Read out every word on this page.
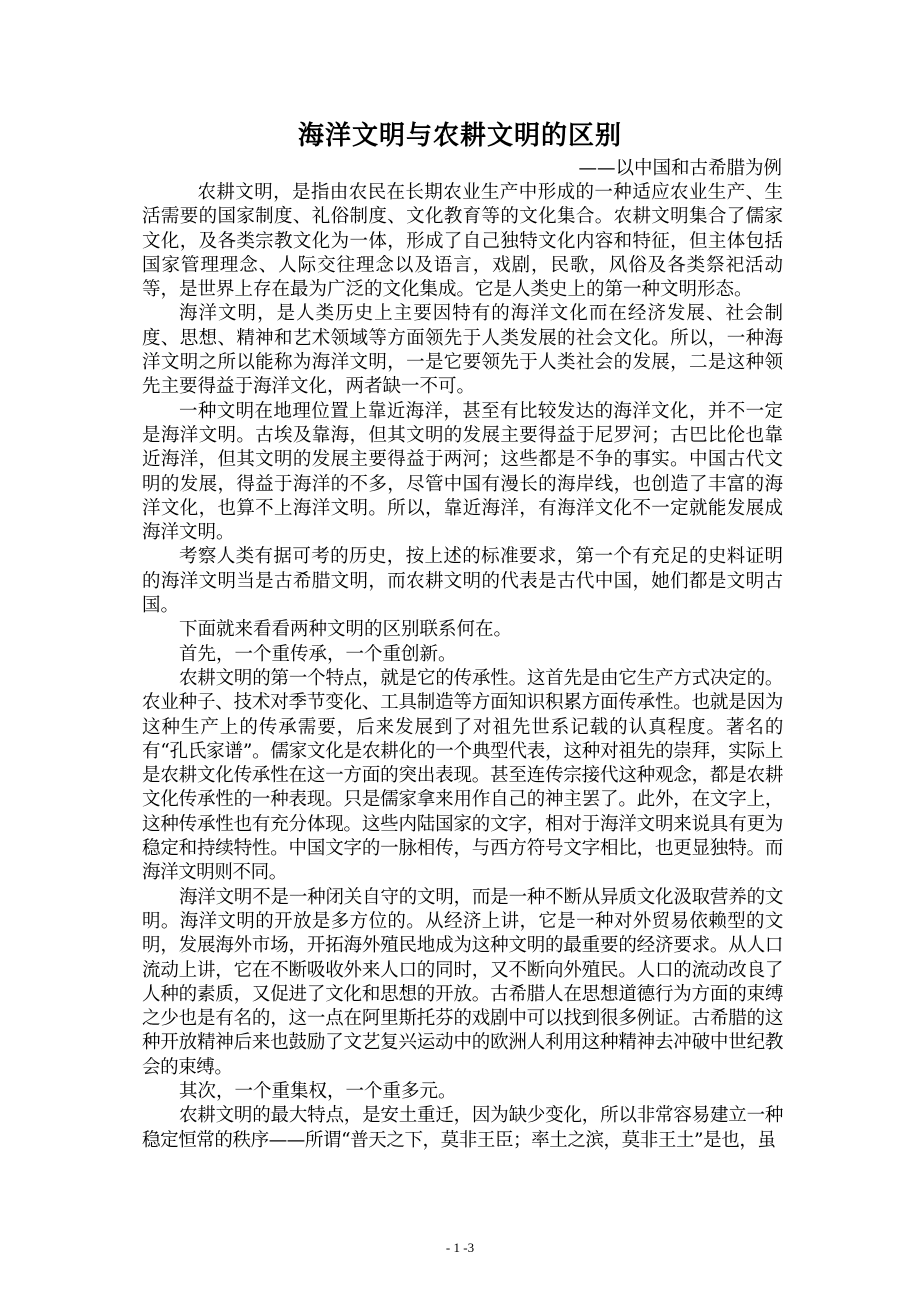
海洋文明与农耕文明的区别
——以中国和古希腊为例

农耕文明，是指由农民在长期农业生产中形成的一种适应农业生产、生活需要的国家制度、礼俗制度、文化教育等的文化集合。农耕文明集合了儒家文化，及各类宗教文化为一体，形成了自己独特文化内容和特征，但主体包括国家管理理念、人际交往理念以及语言，戏剧，民歌，风俗及各类祭祀活动等，是世界上存在最为广泛的文化集成。它是人类史上的第一种文明形态。

海洋文明，是人类历史上主要因特有的海洋文化而在经济发展、社会制度、思想、精神和艺术领域等方面领先于人类发展的社会文化。所以，一种海洋文明之所以能称为海洋文明，一是它要领先于人类社会的发展，二是这种领先主要得益于海洋文化，两者缺一不可。

一种文明在地理位置上靠近海洋，甚至有比较发达的海洋文化，并不一定是海洋文明。古埃及靠海，但其文明的发展主要得益于尼罗河；古巴比伦也靠近海洋，但其文明的发展主要得益于两河；这些都是不争的事实。中国古代文明的发展，得益于海洋的不多，尽管中国有漫长的海岸线，也创造了丰富的海洋文化，也算不上海洋文明。所以，靠近海洋，有海洋文化不一定就能发展成海洋文明。

考察人类有据可考的历史，按上述的标准要求，第一个有充足的史料证明的海洋文明当是古希腊文明，而农耕文明的代表是古代中国，她们都是文明古国。

下面就来看看两种文明的区别联系何在。

首先，一个重传承，一个重创新。

农耕文明的第一个特点，就是它的传承性。这首先是由它生产方式决定的。农业种子、技术对季节变化、工具制造等方面知识积累方面传承性。也就是因为这种生产上的传承需要，后来发展到了对祖先世系记载的认真程度。著名的有“孔氏家谱”。儒家文化是农耕化的一个典型代表，这种对祖先的崇拜，实际上是农耕文化传承性在这一方面的突出表现。甚至连传宗接代这种观念，都是农耕文化传承性的一种表现。只是儒家拿来用作自己的神主罢了。此外，在文字上，这种传承性也有充分体现。这些内陆国家的文字，相对于海洋文明来说具有更为稳定和持续特性。中国文字的一脉相传，与西方符号文字相比，也更显独特。而海洋文明则不同。

海洋文明不是一种闭关自守的文明，而是一种不断从异质文化汲取营养的文明。海洋文明的开放是多方位的。从经济上讲，它是一种对外贸易依赖型的文明，发展海外市场，开拓海外殖民地成为这种文明的最重要的经济要求。从人口流动上讲，它在不断吸收外来人口的同时，又不断向外殖民。人口的流动改良了人种的素质，又促进了文化和思想的开放。古希腊人在思想道德行为方面的束缚之少也是有名的，这一点在阿里斯托芬的戏剧中可以找到很多例证。古希腊的这种开放精神后来也鼓励了文艺复兴运动中的欧洲人利用这种精神去冲破中世纪教会的束缚。

其次，一个重集权，一个重多元。

农耕文明的最大特点，是安土重迁，因为缺少变化，所以非常容易建立一种稳定恒常的秩序——所谓“普天之下，莫非王臣；率土之滨，莫非王土”是也，虽

- 1 -3
